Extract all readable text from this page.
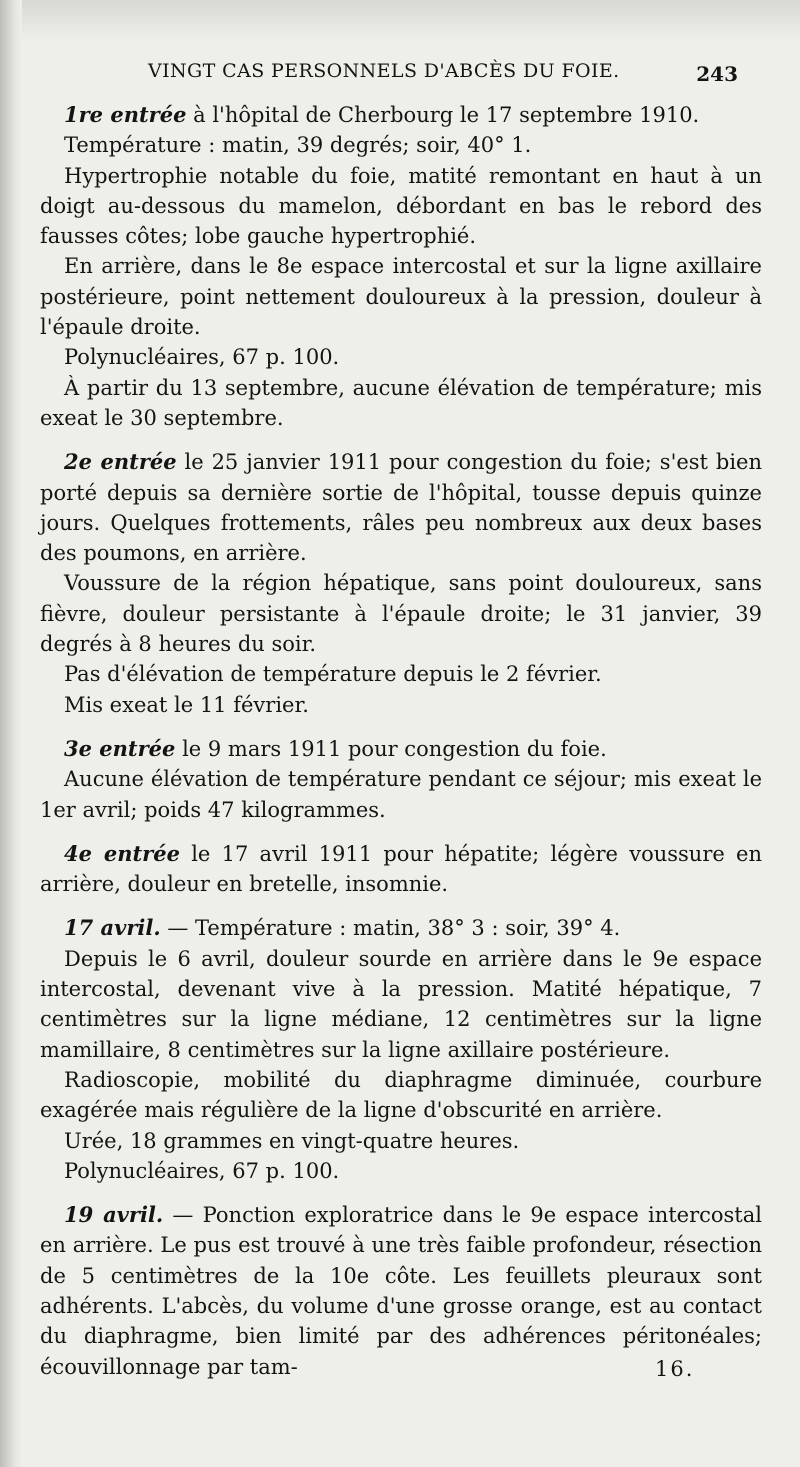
VINGT CAS PERSONNELS D'ABCÈS DU FOIE.	243

1re entrée à l'hôpital de Cherbourg le 17 septembre 1910.

Température : matin, 39 degrés; soir, 40° 1.

Hypertrophie notable du foie, matité remontant en haut à un doigt au-dessous du mamelon, débordant en bas le rebord des fausses côtes; lobe gauche hypertrophié.

En arrière, dans le 8e espace intercostal et sur la ligne axillaire postérieure, point nettement douloureux à la pression, douleur à l'épaule droite.

Polynucléaires, 67 p. 100.

À partir du 13 septembre, aucune élévation de température; mis exeat le 30 septembre.

2e entrée le 25 janvier 1911 pour congestion du foie; s'est bien porté depuis sa dernière sortie de l'hôpital, tousse depuis quinze jours. Quelques frottements, râles peu nombreux aux deux bases des poumons, en arrière.

Voussure de la région hépatique, sans point douloureux, sans fièvre, douleur persistante à l'épaule droite; le 31 janvier, 39 degrés à 8 heures du soir.

Pas d'élévation de température depuis le 2 février.

Mis exeat le 11 février.

3e entrée le 9 mars 1911 pour congestion du foie.

Aucune élévation de température pendant ce séjour; mis exeat le 1er avril; poids 47 kilogrammes.

4e entrée le 17 avril 1911 pour hépatite; légère voussure en arrière, douleur en bretelle, insomnie.

17 avril. — Température : matin, 38° 3 : soir, 39° 4.

Depuis le 6 avril, douleur sourde en arrière dans le 9e espace intercostal, devenant vive à la pression. Matité hépatique, 7 centimètres sur la ligne médiane, 12 centimètres sur la ligne mamillaire, 8 centimètres sur la ligne axillaire postérieure.

Radioscopie, mobilité du diaphragme diminuée, courbure exagérée mais régulière de la ligne d'obscurité en arrière.

Urée, 18 grammes en vingt-quatre heures.

Polynucléaires, 67 p. 100.

19 avril. — Ponction exploratrice dans le 9e espace intercostal en arrière. Le pus est trouvé à une très faible profondeur, résection de 5 centimètres de la 10e côte. Les feuillets pleuraux sont adhérents. L'abcès, du volume d'une grosse orange, est au contact du diaphragme, bien limité par des adhérences péritonéales; écouvillonnage par tam-	16.
